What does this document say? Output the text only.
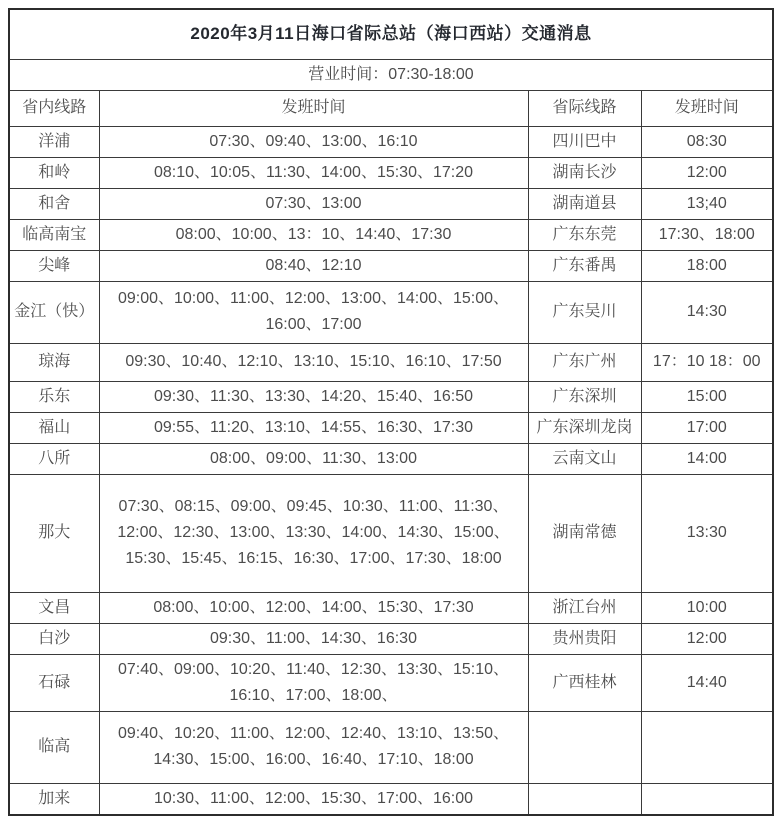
2020年3月11日海口省际总站（海口西站）交通消息			
营业时间：07:30-18:00			
省内线路	发班时间	省际线路	发班时间
洋浦	07:30、09:40、13:00、16:10	四川巴中	08:30
和岭	08:10、10:05、11:30、14:00、15:30、17:20	湖南长沙	12:00
和舍	07:30、13:00	湖南道县	13;40
临高南宝	08:00、10:00、13：10、14:40、17:30	广东东莞	17:30、18:00
尖峰	08:40、12:10	广东番禺	18:00
金江（快）	09:00、10:00、11:00、12:00、13:00、14:00、15:00、16:00、17:00	广东吴川	14:30
琼海	09:30、10:40、12:10、13:10、15:10、16:10、17:50	广东广州	17：10 18：00
乐东	09:30、11:30、13:30、14:20、15:40、16:50	广东深圳	15:00
福山	09:55、11:20、13:10、14:55、16:30、17:30	广东深圳龙岗	17:00
八所	08:00、09:00、11:30、13:00	云南文山	14:00
那大	07:30、08:15、09:00、09:45、10:30、11:00、11:30、12:00、12:30、13:00、13:30、14:00、14:30、15:00、15:30、15:45、16:15、16:30、17:00、17:30、18:00	湖南常德	13:30
文昌	08:00、10:00、12:00、14:00、15:30、17:30	浙江台州	10:00
白沙	09:30、11:00、14:30、16:30	贵州贵阳	12:00
石碌	07:40、09:00、10:20、11:40、12:30、13:30、15:10、16:10、17:00、18:00、	广西桂林	14:40
临高	09:40、10:20、11:00、12:00、12:40、13:10、13:50、14:30、15:00、16:00、16:40、17:10、18:00		
加来	10:30、11:00、12:00、15:30、17:00、16:00		
